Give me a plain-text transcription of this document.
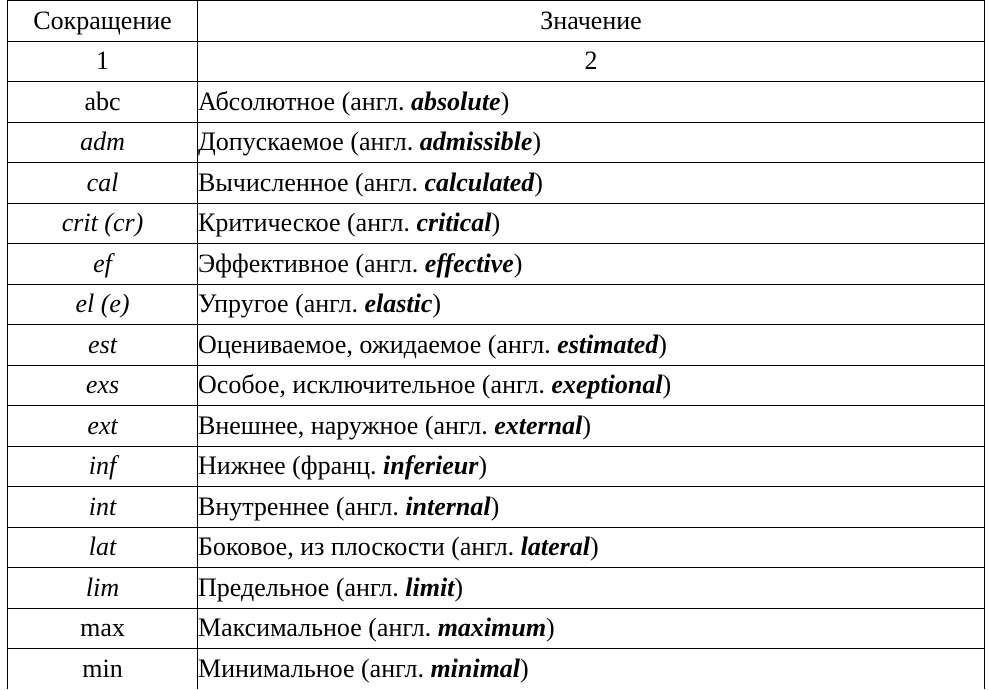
Сокращение	Значение
1	2
abc	Абсолютное (англ. absolute)
adm	Допускаемое (англ. admissible)
cal	Вычисленное (англ. calculated)
crit (cr)	Критическое (англ. critical)
ef	Эффективное (англ. effective)
el (e)	Упругое (англ. elastic)
est	Оцениваемое, ожидаемое (англ. estimated)
exs	Особое, исключительное (англ. exeptional)
ext	Внешнее, наружное (англ. external)
inf	Нижнее (франц. inferieur)
int	Внутреннее (англ. internal)
lat	Боковое, из плоскости (англ. lateral)
lim	Предельное (англ. limit)
max	Максимальное (англ. maximum)
min	Минимальное (англ. minimal)
